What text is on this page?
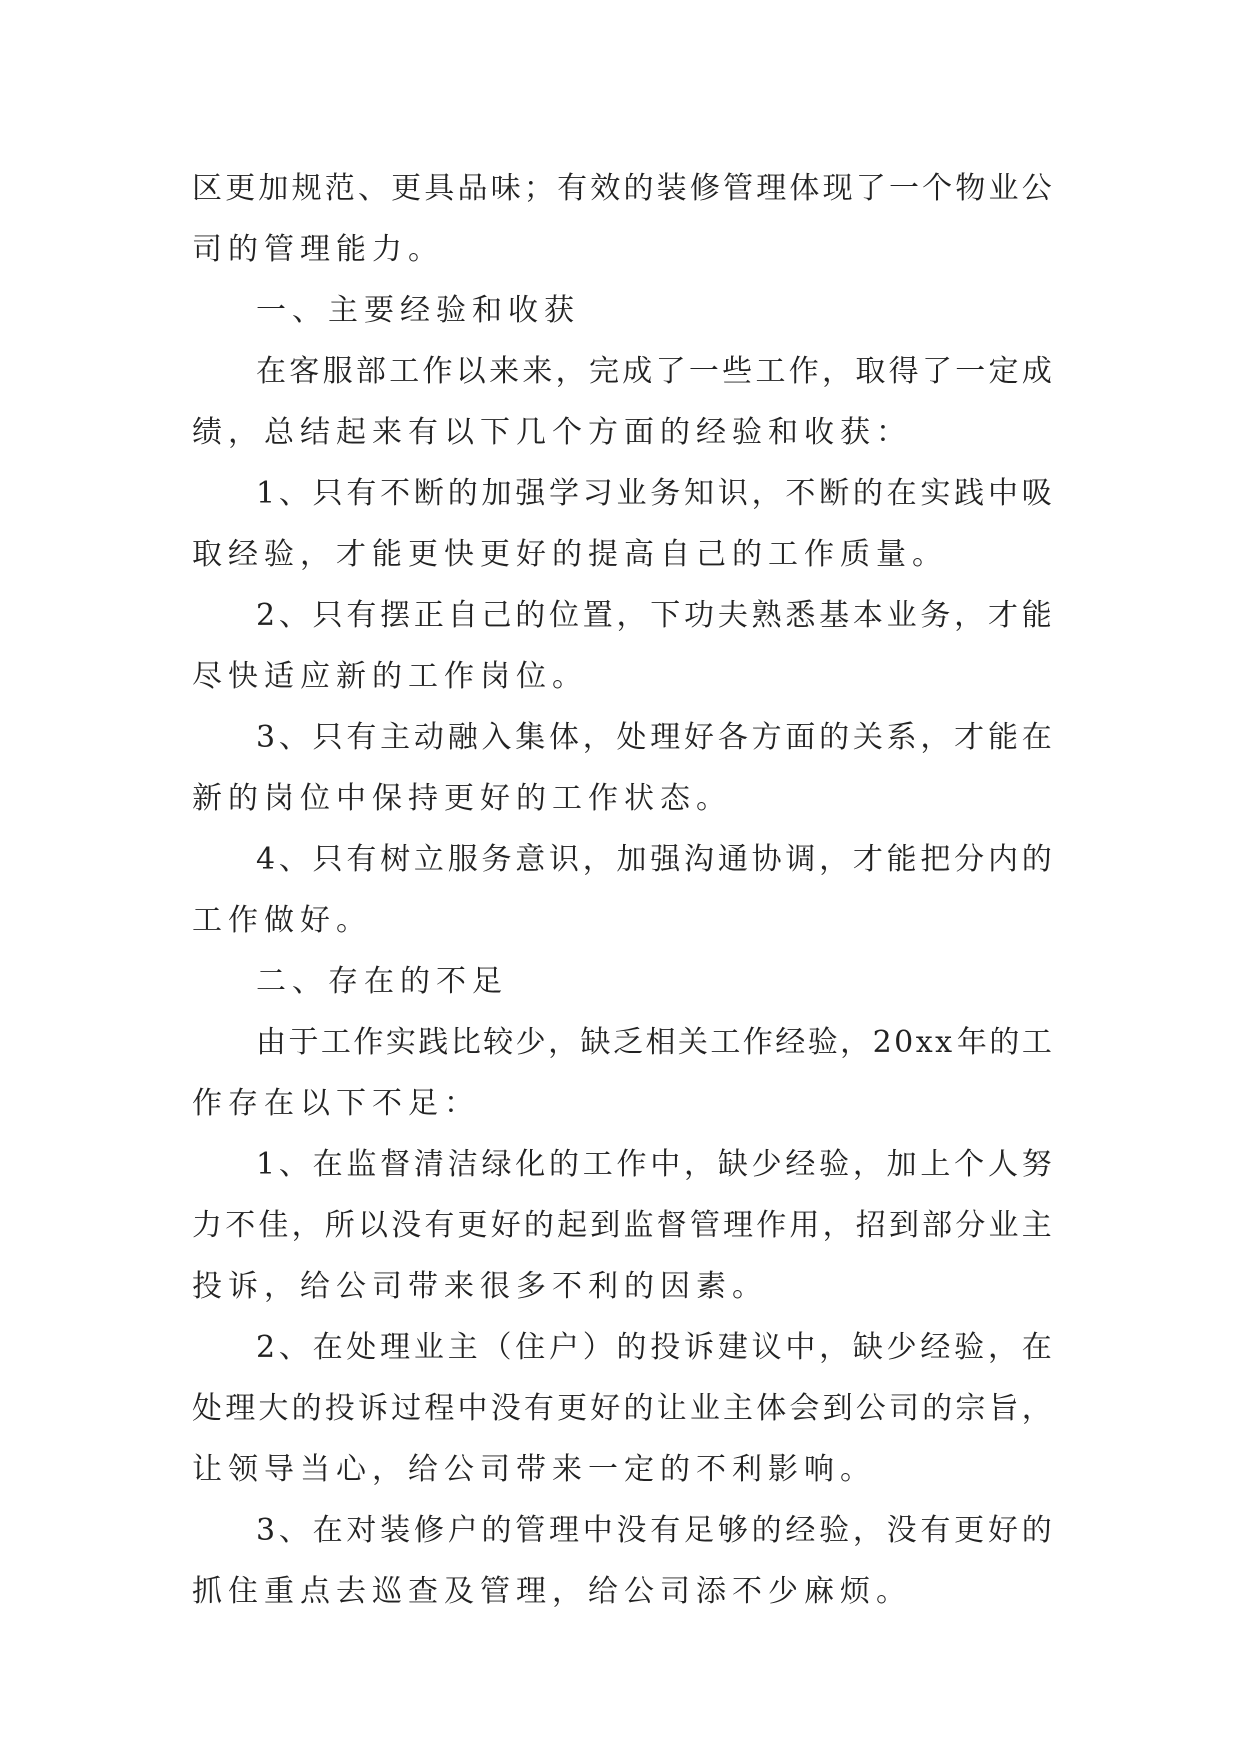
区 更 加 规 范 、 更 具 品 味 ； 有 效 的 装 修 管 理 体 现 了 一 个 物 业 公
司的管理能力。
一、主要经验和收获
在 客 服 部 工 作 以 来 来 ， 完 成 了 一 些 工 作 ， 取 得 了 一 定 成
绩，总结起来有以下几个方面的经验和收获：
1 、 只 有 不 断 的 加 强 学 习 业 务 知 识 ， 不 断 的 在 实 践 中 吸
取经验，才能更快更好的提高自己的工作质量。
2 、 只 有 摆 正 自 己 的 位 置 ， 下 功 夫 熟 悉 基 本 业 务 ， 才 能
尽快适应新的工作岗位。
3 、 只 有 主 动 融 入 集 体 ， 处 理 好 各 方 面 的 关 系 ， 才 能 在
新的岗位中保持更好的工作状态。
4 、 只 有 树 立 服 务 意 识 ， 加 强 沟 通 协 调 ， 才 能 把 分 内 的
工作做好。
二、存在的不足
由 于 工 作 实 践 比 较 少 ， 缺 乏 相 关 工 作 经 验 ， 2 0 x x 年 的 工
作存在以下不足：
1 、 在 监 督 清 洁 绿 化 的 工 作 中 ， 缺 少 经 验 ， 加 上 个 人 努
力 不 佳 ， 所 以 没 有 更 好 的 起 到 监 督 管 理 作 用 ， 招 到 部 分 业 主
投诉，给公司带来很多不利的因素。
2 、 在 处 理 业 主 （ 住 户 ） 的 投 诉 建 议 中 ， 缺 少 经 验 ， 在
处 理 大 的 投 诉 过 程 中 没 有 更 好 的 让 业 主 体 会 到 公 司 的 宗 旨 ，
让领导当心，给公司带来一定的不利影响。
3 、 在 对 装 修 户 的 管 理 中 没 有 足 够 的 经 验 ， 没 有 更 好 的
抓住重点去巡查及管理，给公司添不少麻烦。
